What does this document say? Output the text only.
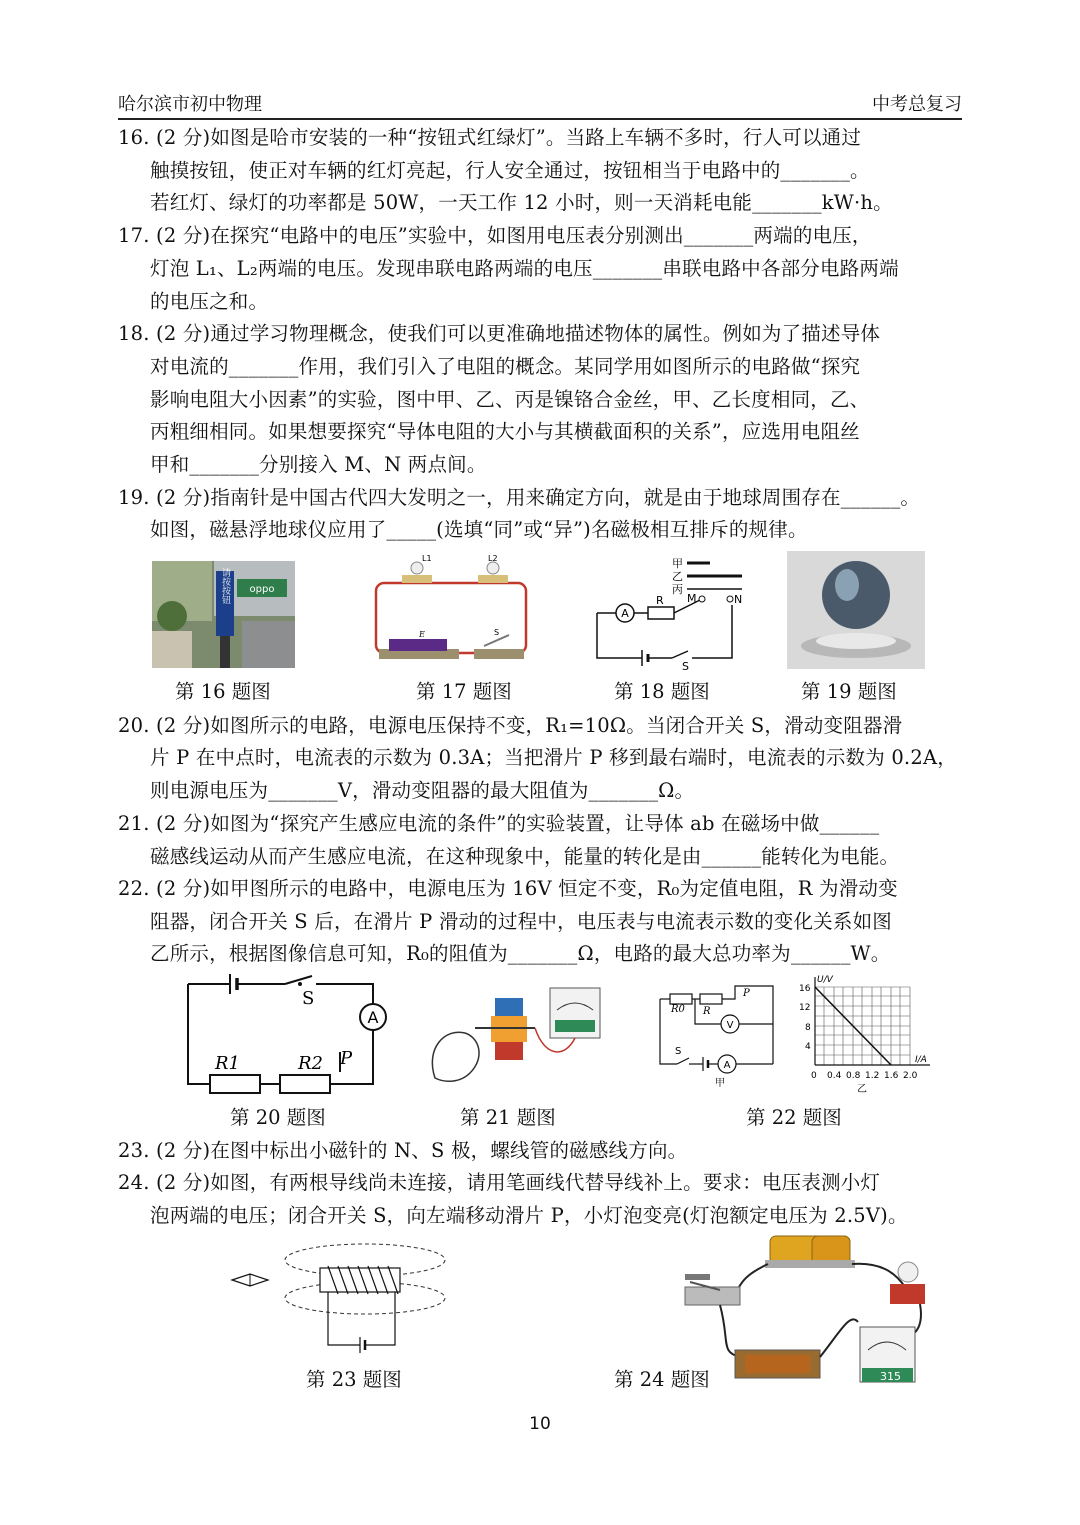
哈尔滨市初中物理	中考总复习
16. (2 分)如图是哈市安装的一种“按钮式红绿灯”。当路上车辆不多时，行人可以通过
触摸按钮，使正对车辆的红灯亮起，行人安全通过，按钮相当于电路中的_______。
若红灯、绿灯的功率都是 50W，一天工作 12 小时，则一天消耗电能_______kW·h。
17. (2 分)在探究“电路中的电压”实验中，如图用电压表分别测出_______两端的电压，
灯泡 L₁、L₂两端的电压。发现串联电路两端的电压_______串联电路中各部分电路两端
的电压之和。
18. (2 分)通过学习物理概念，使我们可以更准确地描述物体的属性。例如为了描述导体
对电流的_______作用，我们引入了电阻的概念。某同学用如图所示的电路做“探究
影响电阻大小因素”的实验，图中甲、乙、丙是镍铬合金丝，甲、乙长度相同，乙、
丙粗细相同。如果想要探究“导体电阻的大小与其横截面积的关系”，应选用电阻丝
甲和_______分别接入 M、N 两点间。
19. (2 分)指南针是中国古代四大发明之一，用来确定方向，就是由于地球周围存在______。
如图，磁悬浮地球仪应用了_____(选填“同”或“异”)名磁极相互排斥的规律。
oppo
请按按钮
L1	L2
E	S
甲
乙
丙
S
A
R M	N
第 16 题图	第 17 题图	第 18 题图	第 19 题图
20. (2 分)如图所示的电路，电源电压保持不变，R₁=10Ω。当闭合开关 S，滑动变阻器滑
片 P 在中点时，电流表的示数为 0.3A；当把滑片 P 移到最右端时，电流表的示数为 0.2A，
则电源电压为_______V，滑动变阻器的最大阻值为_______Ω。
21. (2 分)如图为“探究产生感应电流的条件”的实验装置，让导体 ab 在磁场中做______
磁感线运动从而产生感应电流，在这种现象中，能量的转化是由______能转化为电能。
22. (2 分)如甲图所示的电路中，电源电压为 16V 恒定不变，R₀为定值电阻，R 为滑动变
阻器，闭合开关 S 后，在滑片 P 滑动的过程中，电压表与电流表示数的变化关系如图
乙所示，根据图像信息可知，R₀的阻值为_______Ω，电路的最大总功率为______W。
S
A
R1	R2 P
R0 R
P
V
S
A
甲
U/V
I/A
16
12
8
4
0 0.4 0.8 1.2 1.6 2.0
乙
第 20 题图	第 21 题图	第 22 题图
23. (2 分)在图中标出小磁针的 N、S 极，螺线管的磁感线方向。
24. (2 分)如图，有两根导线尚未连接，请用笔画线代替导线补上。要求：电压表测小灯
泡两端的电压；闭合开关 S，向左端移动滑片 P，小灯泡变亮(灯泡额定电压为 2.5V)。
315
第 23 题图	第 24 题图
10
